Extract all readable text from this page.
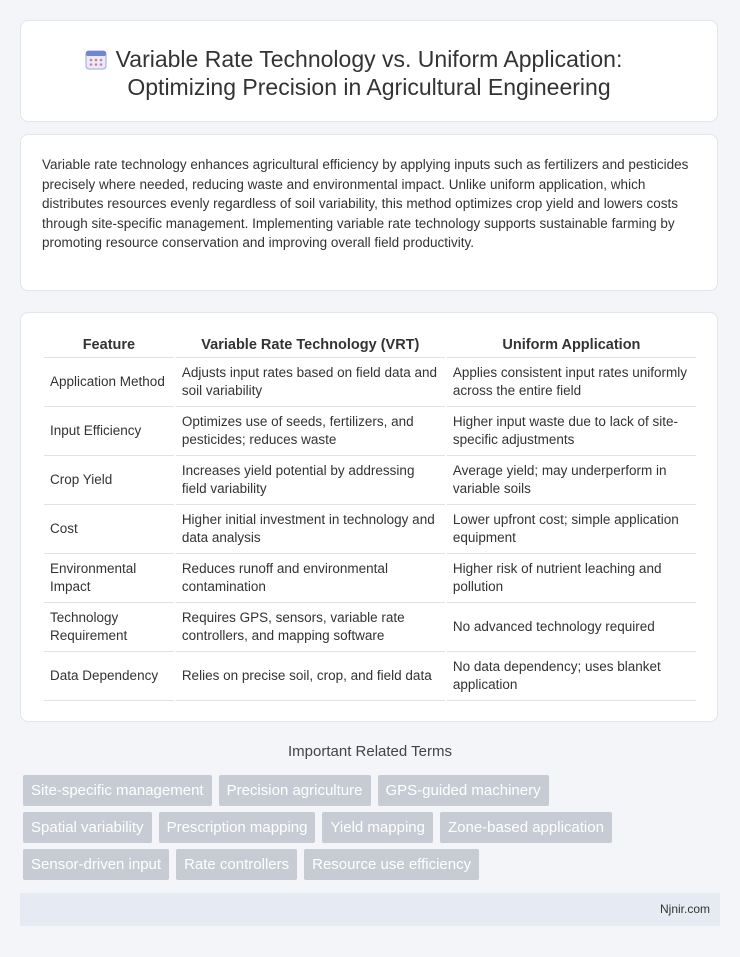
Variable Rate Technology vs. Uniform Application:
Optimizing Precision in Agricultural Engineering
Variable rate technology enhances agricultural efficiency by applying inputs such as fertilizers and pesticides precisely where needed, reducing waste and environmental impact. Unlike uniform application, which distributes resources evenly regardless of soil variability, this method optimizes crop yield and lowers costs through site-specific management. Implementing variable rate technology supports sustainable farming by promoting resource conservation and improving overall field productivity.
Feature	Variable Rate Technology (VRT)	Uniform Application
Application Method	Adjusts input rates based on field data and soil variability	Applies consistent input rates uniformly across the entire field
Input Efficiency	Optimizes use of seeds, fertilizers, and pesticides; reduces waste	Higher input waste due to lack of site-specific adjustments
Crop Yield	Increases yield potential by addressing field variability	Average yield; may underperform in variable soils
Cost	Higher initial investment in technology and data analysis	Lower upfront cost; simple application equipment
Environmental Impact	Reduces runoff and environmental contamination	Higher risk of nutrient leaching and pollution
Technology Requirement	Requires GPS, sensors, variable rate controllers, and mapping software	No advanced technology required
Data Dependency	Relies on precise soil, crop, and field data	No data dependency; uses blanket application
Important Related Terms
Site-specific management	Precision agriculture	GPS-guided machinery
Spatial variability	Prescription mapping	Yield mapping	Zone-based application
Sensor-driven input	Rate controllers	Resource use efficiency
Njnir.com
